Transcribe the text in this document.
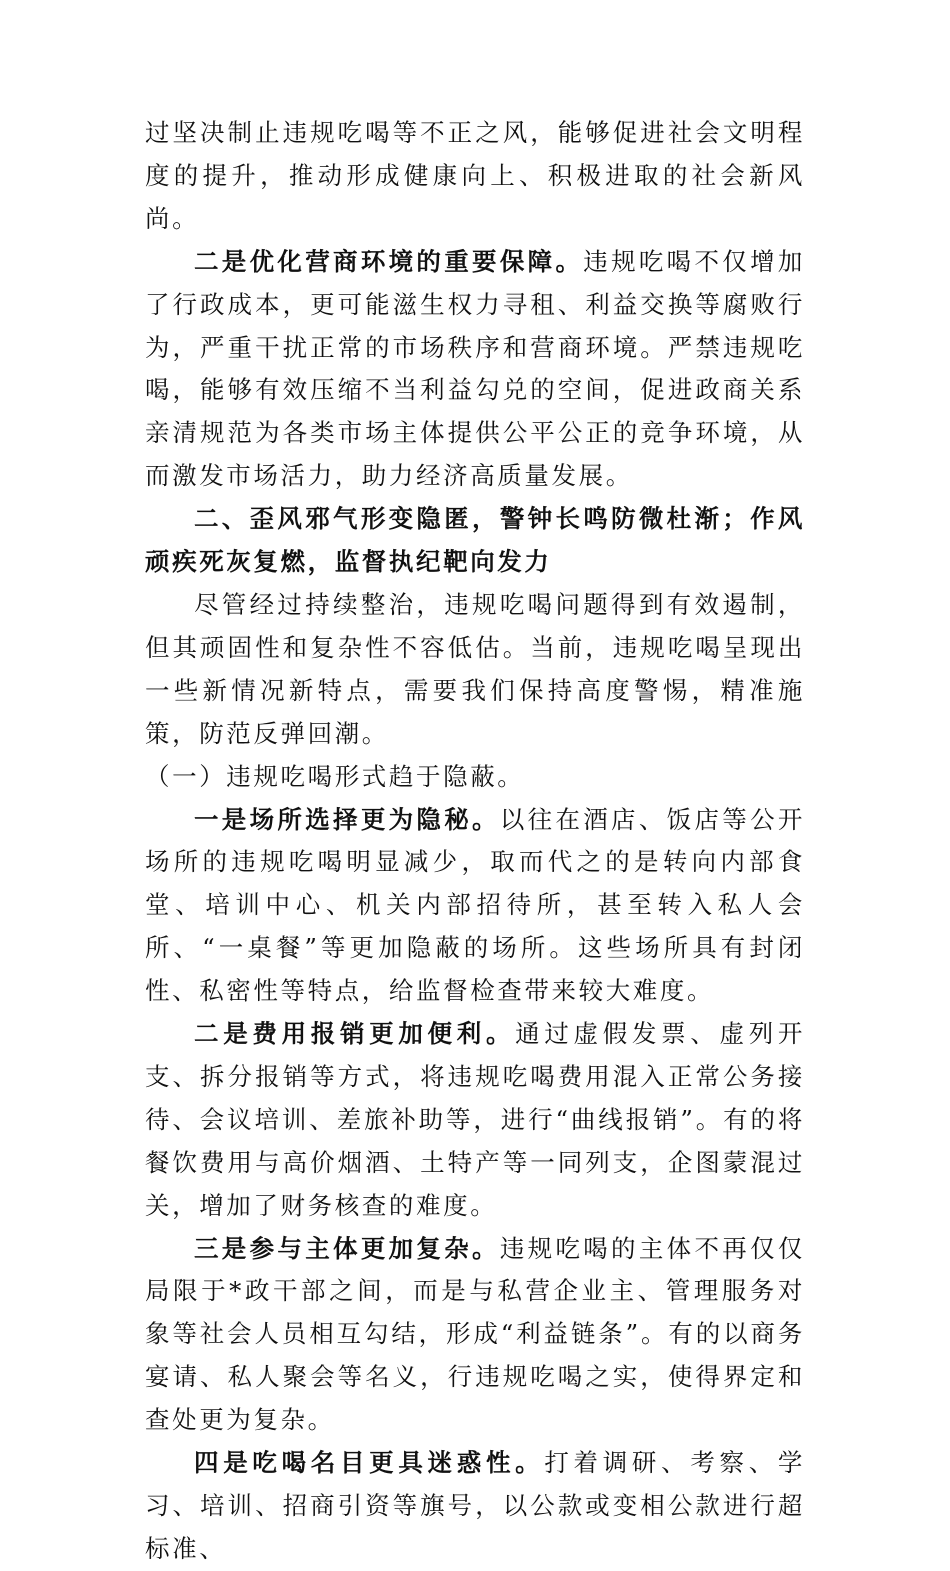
过坚决制止违规吃喝等不正之风，能够促进社会文明程度的提升，推动形成健康向上、积极进取的社会新风尚。

二是优化营商环境的重要保障。违规吃喝不仅增加了行政成本，更可能滋生权力寻租、利益交换等腐败行为，严重干扰正常的市场秩序和营商环境。严禁违规吃喝，能够有效压缩不当利益勾兑的空间，促进政商关系亲清规范为各类市场主体提供公平公正的竞争环境，从而激发市场活力，助力经济高质量发展。

二、歪风邪气形变隐匿，警钟长鸣防微杜渐；作风顽疾死灰复燃，监督执纪靶向发力

尽管经过持续整治，违规吃喝问题得到有效遏制，但其顽固性和复杂性不容低估。当前，违规吃喝呈现出一些新情况新特点，需要我们保持高度警惕，精准施策，防范反弹回潮。

（一）违规吃喝形式趋于隐蔽。

一是场所选择更为隐秘。以往在酒店、饭店等公开场所的违规吃喝明显减少，取而代之的是转向内部食堂、培训中心、机关内部招待所，甚至转入私人会所、“一桌餐”等更加隐蔽的场所。这些场所具有封闭性、私密性等特点，给监督检查带来较大难度。

二是费用报销更加便利。通过虚假发票、虚列开支、拆分报销等方式，将违规吃喝费用混入正常公务接待、会议培训、差旅补助等，进行“曲线报销”。有的将餐饮费用与高价烟酒、土特产等一同列支，企图蒙混过关，增加了财务核查的难度。

三是参与主体更加复杂。违规吃喝的主体不再仅仅局限于*政干部之间，而是与私营企业主、管理服务对象等社会人员相互勾结，形成“利益链条”。有的以商务宴请、私人聚会等名义，行违规吃喝之实，使得界定和查处更为复杂。

四是吃喝名目更具迷惑性。打着调研、考察、学习、培训、招商引资等旗号，以公款或变相公款进行超标准、
